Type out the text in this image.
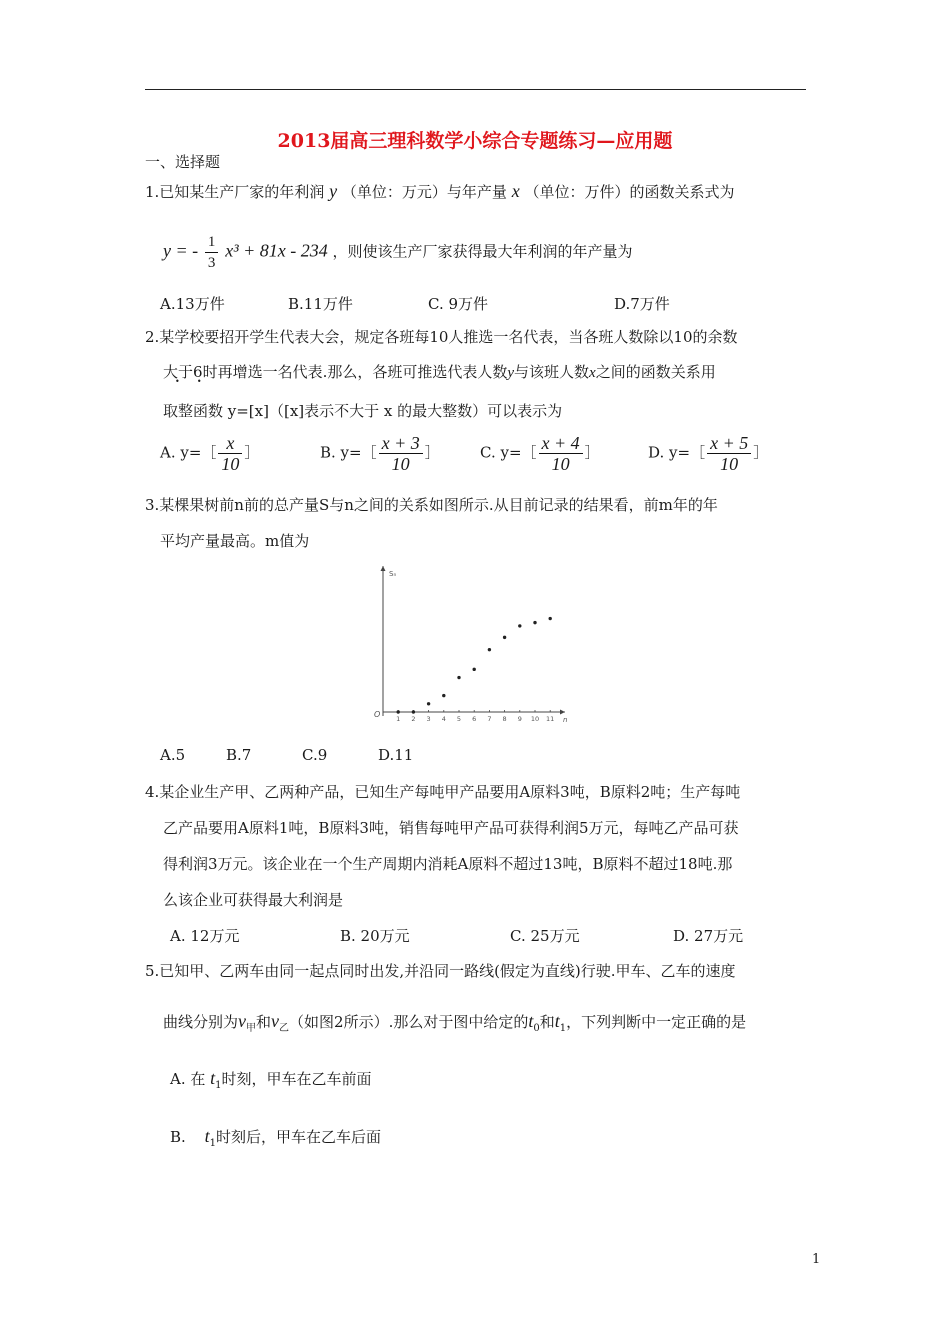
2013届高三理科数学小综合专题练习—应用题
一、选择题
1.已知某生产厂家的年利润 y （单位：万元）与年产量 x （单位：万件）的函数关系式为
y = - $\frac{1}{3} x^3 + 81x - 234$ ，则使该生产厂家获得最大年利润的年产量为
A.13万件	B.11万件	C. 9万件	D.7万件
2.某学校要招开学生代表大会，规定各班每10人推选一名代表，当各班人数除以10的余数
大于6 •时再增选一名代表.那么，各班可推选代表人数y与该班人数x之间的函数关系用
取整函数 y=[x]（[x]表示不大于 x 的最大整数）可以表示为
A. y=［ $\frac{x}{10}$ ］	B. y=［ $\frac{x + 3}{10}$ ］	C. y=［ $\frac{x + 4}{10}$ ］	D. y=［ $\frac{x + 5}{10}$ ］
3.某棵果树前n前的总产量S与n之间的关系如图所示.从目前记录的结果看，前m年的年
平均产量最高。m值为
Sₙ
n
O 1 2 3 4 5 6 7 8 9 10 11
A.5	B.7	C.9	D.11
4.某企业生产甲、乙两种产品，已知生产每吨甲产品要用A原料3吨，B原料2吨；生产每吨
乙产品要用A原料1吨，B原料3吨，销售每吨甲产品可获得利润5万元，每吨乙产品可获
得利润3万元。该企业在一个生产周期内消耗A原料不超过13吨，B原料不超过18吨.那
么该企业可获得最大利润是
A. 12万元	B. 20万元	C. 25万元	D. 27万元
5.已知甲、乙两车由同一起点同时出发,并沿同一路线(假定为直线)行驶.甲车、乙车的速度
曲线分别为$v_甲$和$v_乙$（如图2所示）.那么对于图中给定的$t_0$和$t_1$，下列判断中一定正确的是
A. 在 $t_1$时刻，甲车在乙车前面
B. $t_1$时刻后，甲车在乙车后面
1
